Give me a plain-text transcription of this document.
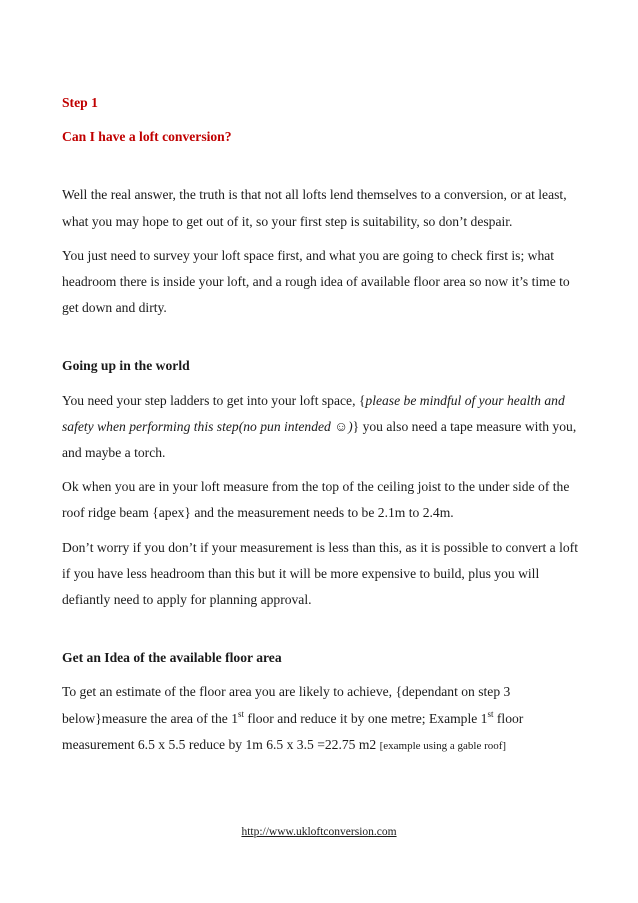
Step 1

Can I have a loft conversion?

Well the real answer, the truth is that not all lofts lend themselves to a conversion, or at least, what you may hope to get out of it, so your first step is suitability, so don’t despair.

You just need to survey your loft space first, and what you are going to check first is; what headroom there is inside your loft, and a rough idea of available floor area so now it’s time to get down and dirty.

Going up in the world

You need your step ladders to get into your loft space, {please be mindful of your health and safety when performing this step(no pun intended ☺)} you also need a tape measure with you, and maybe a torch.

Ok when you are in your loft measure from the top of the ceiling joist to the under side of the roof ridge beam {apex} and the measurement needs to be 2.1m to 2.4m.

Don’t worry if you don’t if your measurement is less than this, as it is possible to convert a loft if you have less headroom than this but it will be more expensive to build, plus you will defiantly need to apply for planning approval.

Get an Idea of the available floor area

To get an estimate of the floor area you are likely to achieve, {dependant on step 3 below}measure the area of the 1st floor and reduce it by one metre; Example 1st floor measurement 6.5 x 5.5 reduce by 1m 6.5 x 3.5 =22.75 m2 [example using a gable roof]

http://www.ukloftconversion.com
